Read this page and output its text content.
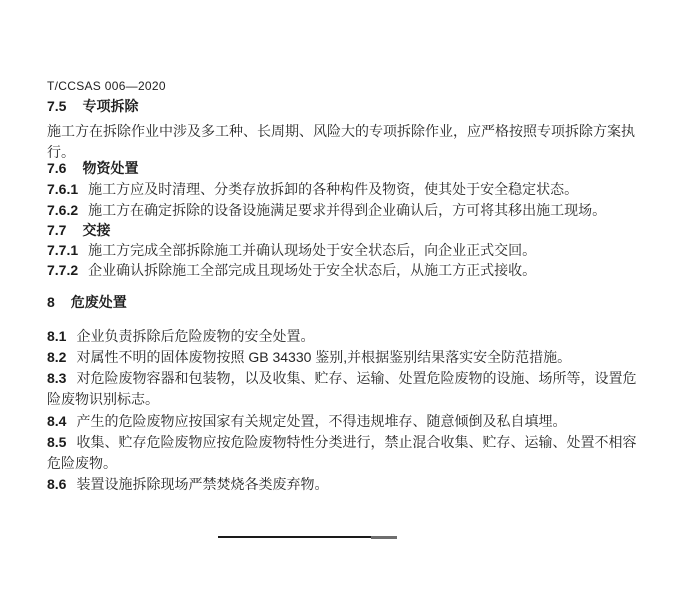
T/CCSAS 006—2020
7.5 专项拆除
施工方在拆除作业中涉及多工种、长周期、风险大的专项拆除作业，应严格按照专项拆除方案执行。
7.6 物资处置
7.6.1 施工方应及时清理、分类存放拆卸的各种构件及物资，使其处于安全稳定状态。
7.6.2 施工方在确定拆除的设备设施满足要求并得到企业确认后，方可将其移出施工现场。
7.7 交接
7.7.1 施工方完成全部拆除施工并确认现场处于安全状态后，向企业正式交回。
7.7.2 企业确认拆除施工全部完成且现场处于安全状态后，从施工方正式接收。
8 危废处置
8.1 企业负责拆除后危险废物的安全处置。
8.2 对属性不明的固体废物按照 GB 34330 鉴别,并根据鉴别结果落实安全防范措施。
8.3 对危险废物容器和包装物，以及收集、贮存、运输、处置危险废物的设施、场所等，设置危险废物识别标志。
8.4 产生的危险废物应按国家有关规定处置，不得违规堆存、随意倾倒及私自填埋。
8.5 收集、贮存危险废物应按危险废物特性分类进行，禁止混合收集、贮存、运输、处置不相容危险废物。
8.6 装置设施拆除现场严禁焚烧各类废弃物。
